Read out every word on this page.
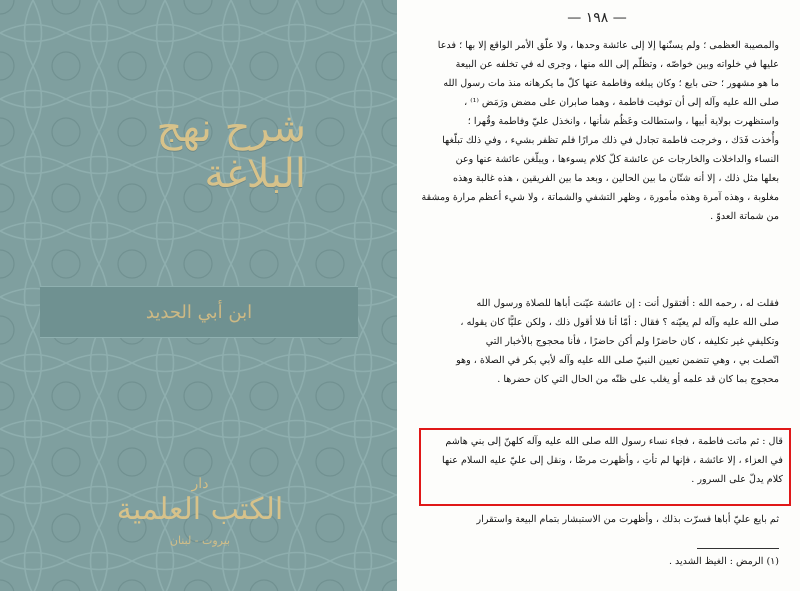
شرح نهج البلاغة
ابن أبي الحديد
دار
الكتب العلمية
بيروت - لبنان
— ١٩٨ —
والمصيبة العظمى ؛ ولم يسنّنها إلا إلى عائشة وحدها ، ولا علّق الأمر الواقع إلا بها ؛ فدعا
عليها في خلواته وبين خواصّه ، وتظلّم إلى الله منها ، وجرى له في تخلفه عن البيعة
ما هو مشهور ؛ حتى بايع ؛ وكان يبلغه وفاطمة عنها كلّ ما يكرهانه منذ مات رسول الله
صلى الله عليه وآله إلى أن توفيت فاطمة ، وهما صابران على مضض ورَمَض ⁽¹⁾ ،
واستظهرت بولاية أبيها ، واستطالت وعَظُم شأنها ، وانخذل عليّ وفاطمة وقُهرا ؛
وأُخذت فَدَك ، وخرجت فاطمة تجادل في ذلك مرارًا فلم تظفر بشيء ، وفي ذلك تبلّغها
النساء والداخلات والخارجات عن عائشة كلّ كلام يسوءها ، ويبلّغن عائشة عنها وعن
بعلها مثل ذلك ، إلا أنه شتّان ما بين الحالين ، وبعد ما بين الفريقين ، هذه غالبة وهذه
مغلوبة ، وهذه آمرة وهذه مأمورة ، وظهر التشفي والشماتة ، ولا شيء أعظم مرارة ومشقة
من شماتة العدوّ .
فقلت له ، رحمه الله : أفتقول أنت : إن عائشة عيّنت أباها للصلاة ورسول الله
صلى الله عليه وآله لم يعيّنه ؟ فقال : أمّا أنا فلا أقول ذلك ، ولكن عليًّا كان يقوله ،
وتكليفي غير تكليفه ، كان حاضرًا ولم أكن حاضرًا ، فأنا محجوج بالأخبار التي
اتّصلت بي ، وهي تتضمن تعيين النبيّ صلى الله عليه وآله لأبي بكر في الصلاة ، وهو
محجوج بما كان قد علمه أو يغلب على ظنّه من الحال التي كان حضرها .
قال : ثم ماتت فاطمة ، فجاء نساء رسول الله صلى الله عليه وآله كلهنّ إلى بني هاشم
في العزاء ، إلا عائشة ، فإنها لم تأتِ ، وأظهرت مرضًا ، ونقل إلى عليّ عليه السلام عنها
كلام يدلّ على السرور .
ثم بايع عليّ أباها فسرّت بذلك ، وأظهرت من الاستبشار بتمام البيعة واستقرار
(١) الرمض : الغيظ الشديد .
